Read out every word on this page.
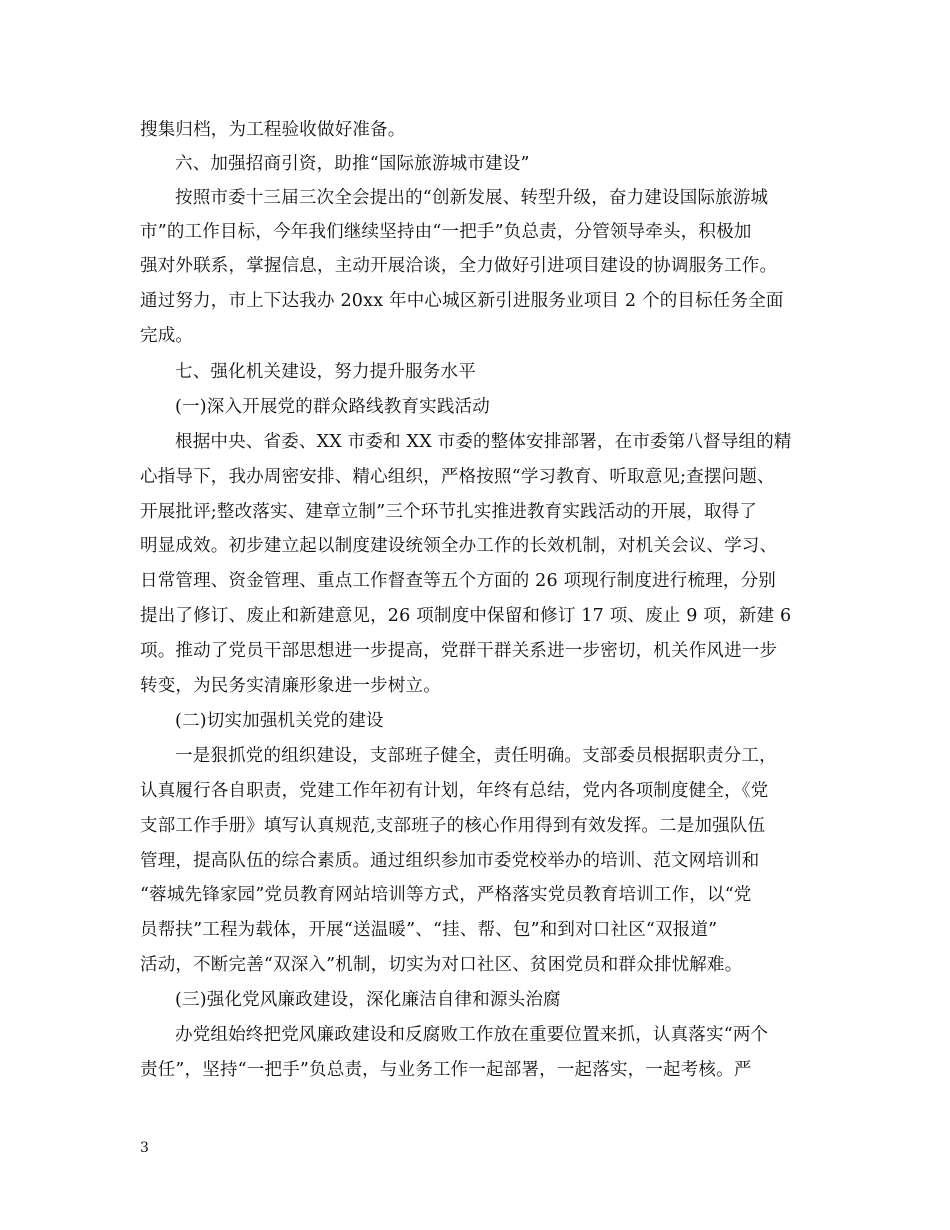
搜集归档，为工程验收做好准备。
六、加强招商引资，助推“国际旅游城市建设”
按照市委十三届三次全会提出的“创新发展、转型升级，奋力建设国际旅游城
市”的工作目标，今年我们继续坚持由“一把手”负总责，分管领导牵头，积极加
强对外联系，掌握信息，主动开展洽谈，全力做好引进项目建设的协调服务工作。
通过努力，市上下达我办 20xx 年中心城区新引进服务业项目 2 个的目标任务全面
完成。
七、强化机关建设，努力提升服务水平
(一)深入开展党的群众路线教育实践活动
根据中央、省委、XX 市委和 XX 市委的整体安排部署，在市委第八督导组的精
心指导下，我办周密安排、精心组织，严格按照“学习教育、听取意见;查摆问题、
开展批评;整改落实、建章立制”三个环节扎实推进教育实践活动的开展，取得了
明显成效。初步建立起以制度建设统领全办工作的长效机制，对机关会议、学习、
日常管理、资金管理、重点工作督查等五个方面的 26 项现行制度进行梳理，分别
提出了修订、废止和新建意见，26 项制度中保留和修订 17 项、废止 9 项，新建 6
项。推动了党员干部思想进一步提高，党群干群关系进一步密切，机关作风进一步
转变，为民务实清廉形象进一步树立。
(二)切实加强机关党的建设
一是狠抓党的组织建设，支部班子健全，责任明确。支部委员根据职责分工，
认真履行各自职责，党建工作年初有计划，年终有总结，党内各项制度健全，《党
支部工作手册》填写认真规范,支部班子的核心作用得到有效发挥。二是加强队伍
管理，提高队伍的综合素质。通过组织参加市委党校举办的培训、范文网培训和
“蓉城先锋家园”党员教育网站培训等方式，严格落实党员教育培训工作，以“党
员帮扶”工程为载体，开展“送温暖”、“挂、帮、包”和到对口社区“双报道”
活动，不断完善“双深入”机制，切实为对口社区、贫困党员和群众排忧解难。
(三)强化党风廉政建设，深化廉洁自律和源头治腐
办党组始终把党风廉政建设和反腐败工作放在重要位置来抓，认真落实“两个
责任”，坚持“一把手”负总责，与业务工作一起部署，一起落实，一起考核。严
3
